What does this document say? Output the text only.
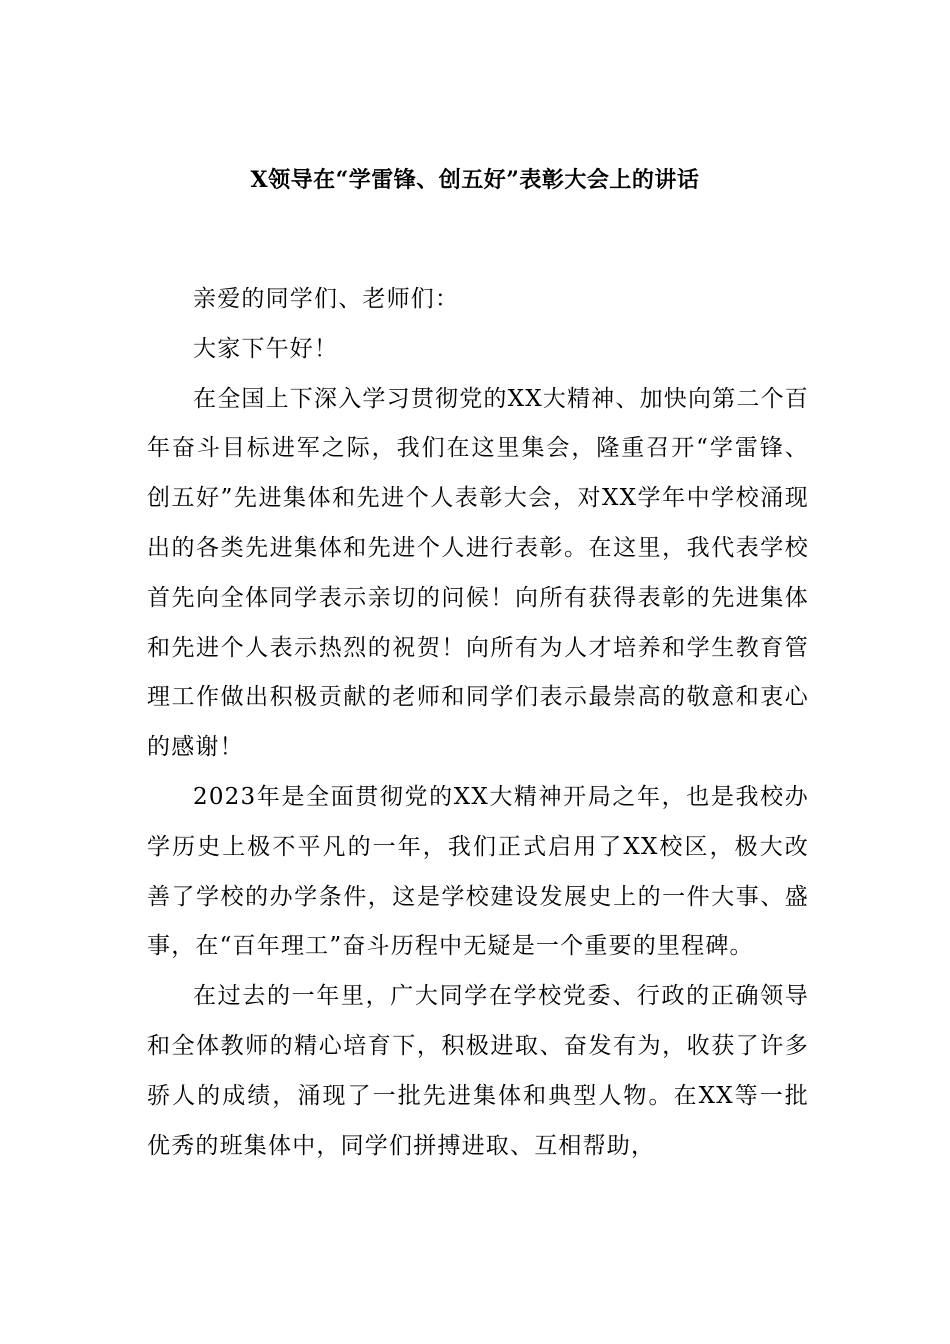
X领导在“学雷锋、创五好”表彰大会上的讲话

亲爱的同学们、老师们：

大家下午好！

在全国上下深入学习贯彻党的XX大精神、加快向第二个百年奋斗目标进军之际，我们在这里集会，隆重召开“学雷锋、创五好”先进集体和先进个人表彰大会，对XX学年中学校涌现出的各类先进集体和先进个人进行表彰。在这里，我代表学校首先向全体同学表示亲切的问候！向所有获得表彰的先进集体和先进个人表示热烈的祝贺！向所有为人才培养和学生教育管理工作做出积极贡献的老师和同学们表示最崇高的敬意和衷心的感谢！

2023年是全面贯彻党的XX大精神开局之年，也是我校办学历史上极不平凡的一年，我们正式启用了XX校区，极大改善了学校的办学条件，这是学校建设发展史上的一件大事、盛事，在“百年理工”奋斗历程中无疑是一个重要的里程碑。

在过去的一年里，广大同学在学校党委、行政的正确领导和全体教师的精心培育下，积极进取、奋发有为，收获了许多骄人的成绩，涌现了一批先进集体和典型人物。在XX等一批优秀的班集体中，同学们拼搏进取、互相帮助，
